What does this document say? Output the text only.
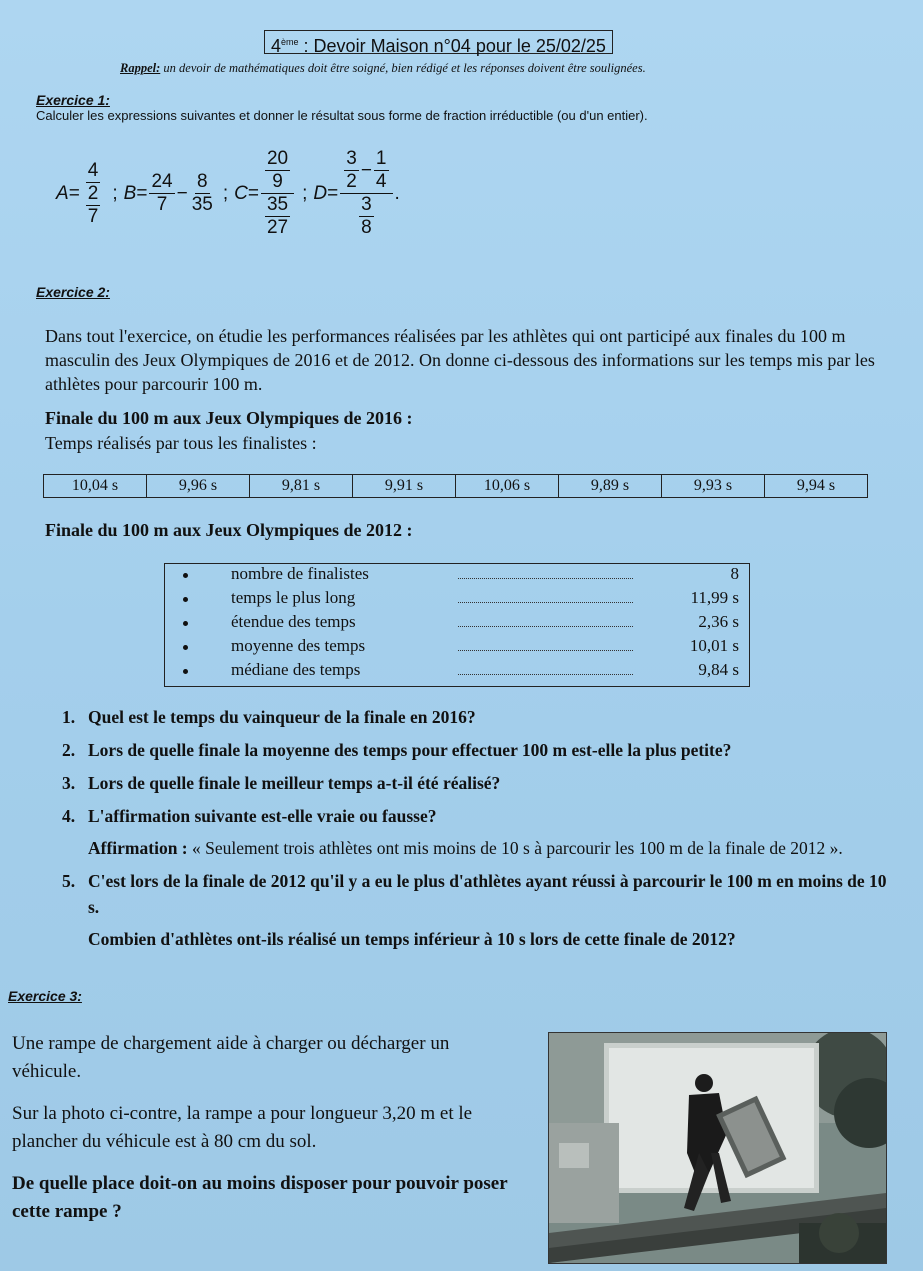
4ème : Devoir Maison n°04 pour le 25/02/25
Rappel: un devoir de mathématiques doit être soigné, bien rédigé et les réponses doivent être soulignées.
Exercice 1:
Calculer les expressions suivantes et donner le résultat sous forme de fraction irréductible (ou d'un entier).
$A = \frac{4}{\frac{2}{7}}$ ; $B = \frac{24}{7} - \frac{8}{35}$ ; $C = \frac{\frac{20}{9}}{\frac{35}{27}}$ ; $D = \frac{\frac{3}{2} - \frac{1}{4}}{\frac{3}{8}}$ .
Exercice 2:
Dans tout l'exercice, on étudie les performances réalisées par les athlètes qui ont participé aux finales du 100 m masculin des Jeux Olympiques de 2016 et de 2012. On donne ci-dessous des informations sur les temps mis par les athlètes pour parcourir 100 m.
Finale du 100 m aux Jeux Olympiques de 2016 :
Temps réalisés par tous les finalistes :
10,04 s	9,96 s	9,81 s	9,91 s	10,06 s	9,89 s	9,93 s	9,94 s
Finale du 100 m aux Jeux Olympiques de 2012 :
nombre de finalistes	8
temps le plus long	11,99 s
étendue des temps	2,36 s
moyenne des temps	10,01 s
médiane des temps	9,84 s
1. Quel est le temps du vainqueur de la finale en 2016?
2. Lors de quelle finale la moyenne des temps pour effectuer 100 m est-elle la plus petite?
3. Lors de quelle finale le meilleur temps a-t-il été réalisé?
4. L'affirmation suivante est-elle vraie ou fausse?
Affirmation : « Seulement trois athlètes ont mis moins de 10 s à parcourir les 100 m de la finale de 2012 ».
5. C'est lors de la finale de 2012 qu'il y a eu le plus d'athlètes ayant réussi à parcourir le 100 m en moins de 10 s.
Combien d'athlètes ont-ils réalisé un temps inférieur à 10 s lors de cette finale de 2012?
Exercice 3:

Une rampe de chargement aide à charger ou décharger un véhicule.

Sur la photo ci-contre, la rampe a pour longueur 3,20 m et le plancher du véhicule est à 80 cm du sol.

De quelle place doit-on au moins disposer pour pouvoir poser cette rampe ?
